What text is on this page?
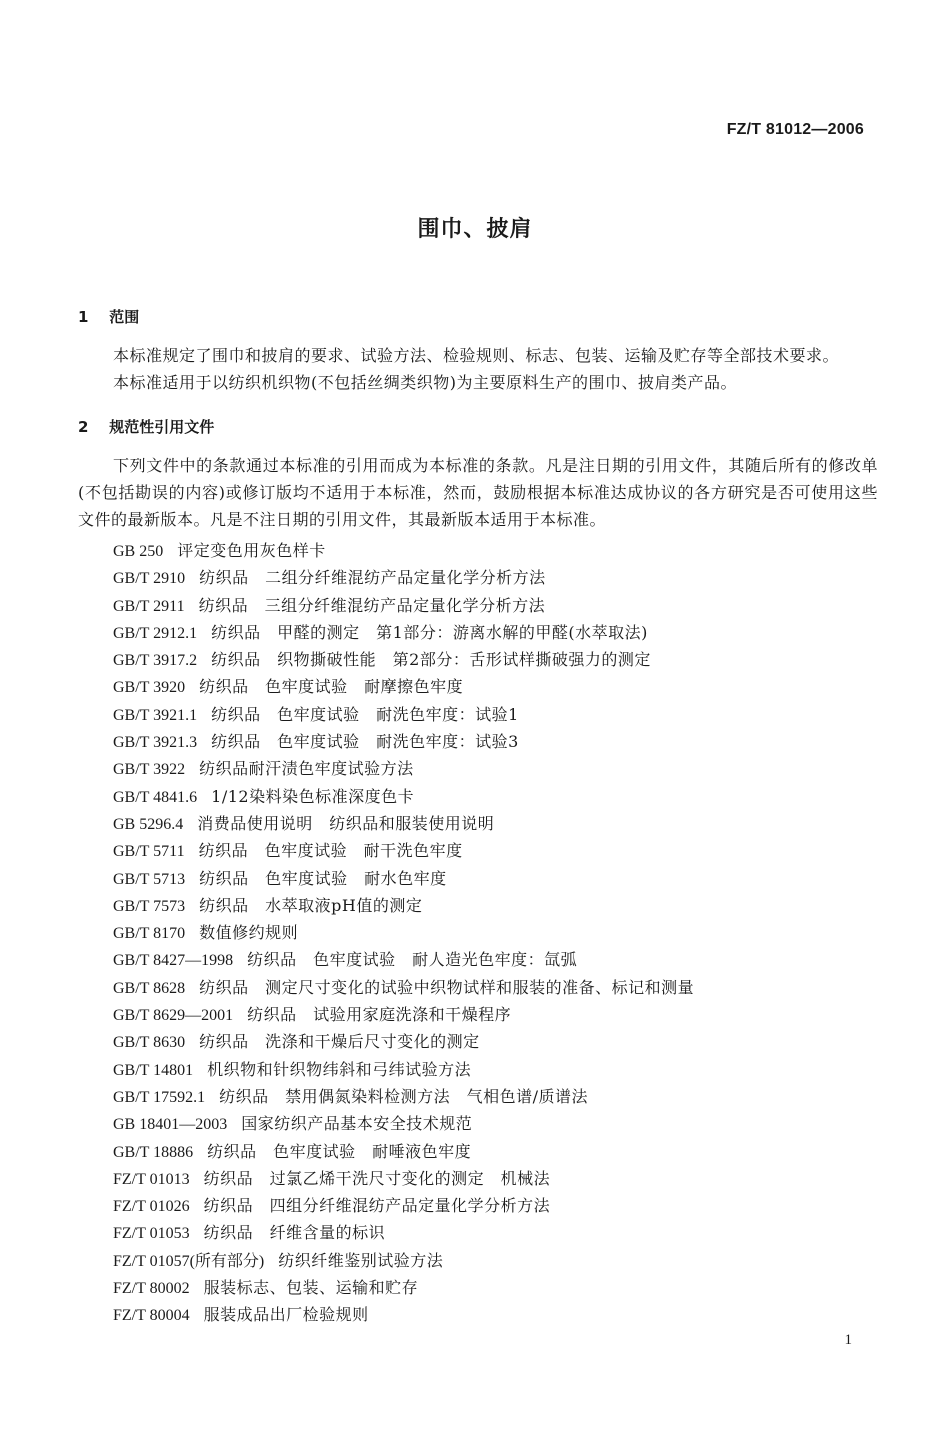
FZ/T 81012—2006
围巾、披肩
1 范围

本标准规定了围巾和披肩的要求、试验方法、检验规则、标志、包装、运输及贮存等全部技术要求。

本标准适用于以纺织机织物(不包括丝绸类织物)为主要原料生产的围巾、披肩类产品。

2 规范性引用文件

下列文件中的条款通过本标准的引用而成为本标准的条款。凡是注日期的引用文件，其随后所有的修改单(不包括勘误的内容)或修订版均不适用于本标准，然而，鼓励根据本标准达成协议的各方研究是否可使用这些文件的最新版本。凡是不注日期的引用文件，其最新版本适用于本标准。

GB 250 评定变色用灰色样卡
GB/T 2910 纺织品　二组分纤维混纺产品定量化学分析方法
GB/T 2911 纺织品　三组分纤维混纺产品定量化学分析方法
GB/T 2912.1 纺织品　甲醛的测定　第1部分：游离水解的甲醛(水萃取法)
GB/T 3917.2 纺织品　织物撕破性能　第2部分：舌形试样撕破强力的测定
GB/T 3920 纺织品　色牢度试验　耐摩擦色牢度
GB/T 3921.1 纺织品　色牢度试验　耐洗色牢度：试验1
GB/T 3921.3 纺织品　色牢度试验　耐洗色牢度：试验3
GB/T 3922 纺织品耐汗渍色牢度试验方法
GB/T 4841.6 1/12染料染色标准深度色卡
GB 5296.4 消费品使用说明　纺织品和服装使用说明
GB/T 5711 纺织品　色牢度试验　耐干洗色牢度
GB/T 5713 纺织品　色牢度试验　耐水色牢度
GB/T 7573 纺织品　水萃取液pH值的测定
GB/T 8170 数值修约规则
GB/T 8427—1998 纺织品　色牢度试验　耐人造光色牢度：氙弧
GB/T 8628 纺织品　测定尺寸变化的试验中织物试样和服装的准备、标记和测量
GB/T 8629—2001 纺织品　试验用家庭洗涤和干燥程序
GB/T 8630 纺织品　洗涤和干燥后尺寸变化的测定
GB/T 14801 机织物和针织物纬斜和弓纬试验方法
GB/T 17592.1 纺织品　禁用偶氮染料检测方法　气相色谱/质谱法
GB 18401—2003 国家纺织产品基本安全技术规范
GB/T 18886 纺织品　色牢度试验　耐唾液色牢度
FZ/T 01013 纺织品　过氯乙烯干洗尺寸变化的测定　机械法
FZ/T 01026 纺织品　四组分纤维混纺产品定量化学分析方法
FZ/T 01053 纺织品　纤维含量的标识
FZ/T 01057(所有部分) 纺织纤维鉴别试验方法
FZ/T 80002 服装标志、包装、运输和贮存
FZ/T 80004 服装成品出厂检验规则
1
